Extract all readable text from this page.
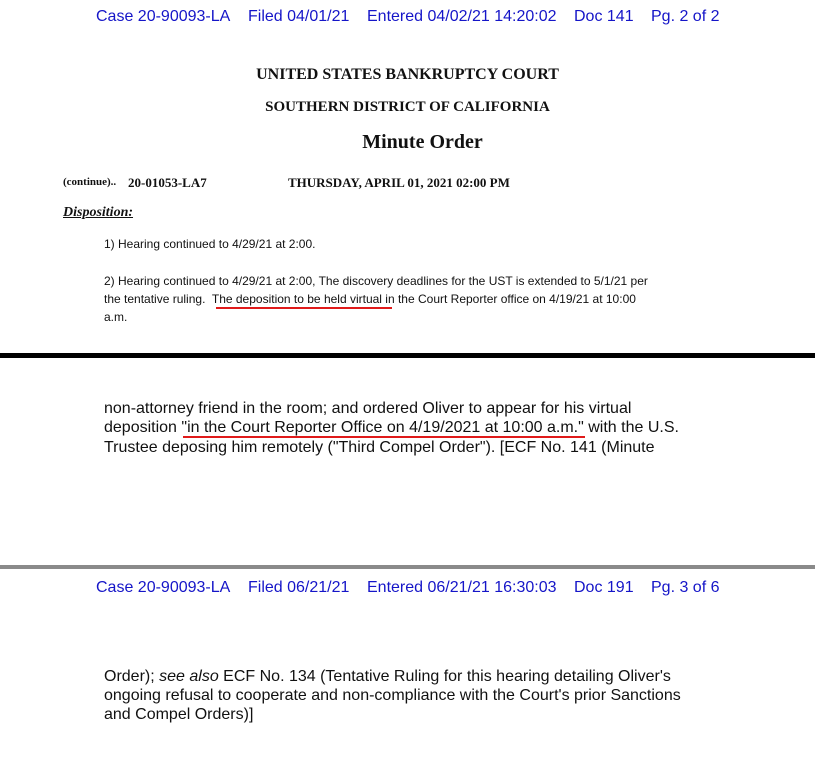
Case 20-90093-LA Filed 04/01/21 Entered 04/02/21 14:20:02 Doc 141 Pg. 2 of 2
UNITED STATES BANKRUPTCY COURT
SOUTHERN DISTRICT OF CALIFORNIA
Minute Order
(continue).. 20-01053-LA7	THURSDAY, APRIL 01, 2021 02:00 PM
Disposition:
1) Hearing continued to 4/29/21 at 2:00.
2) Hearing continued to 4/29/21 at 2:00, The discovery deadlines for the UST is extended to 5/1/21 per
the tentative ruling.  The deposition to be held virtual in the Court Reporter office on 4/19/21 at 10:00
a.m.
non-attorney friend in the room; and ordered Oliver to appear for his virtual
deposition "in the Court Reporter Office on 4/19/2021 at 10:00 a.m." with the U.S.
Trustee deposing him remotely ("Third Compel Order"). [ECF No. 141 (Minute
Case 20-90093-LA Filed 06/21/21 Entered 06/21/21 16:30:03 Doc 191 Pg. 3 of 6
Order); see also ECF No. 134 (Tentative Ruling for this hearing detailing Oliver's
ongoing refusal to cooperate and non-compliance with the Court's prior Sanctions
and Compel Orders)]
